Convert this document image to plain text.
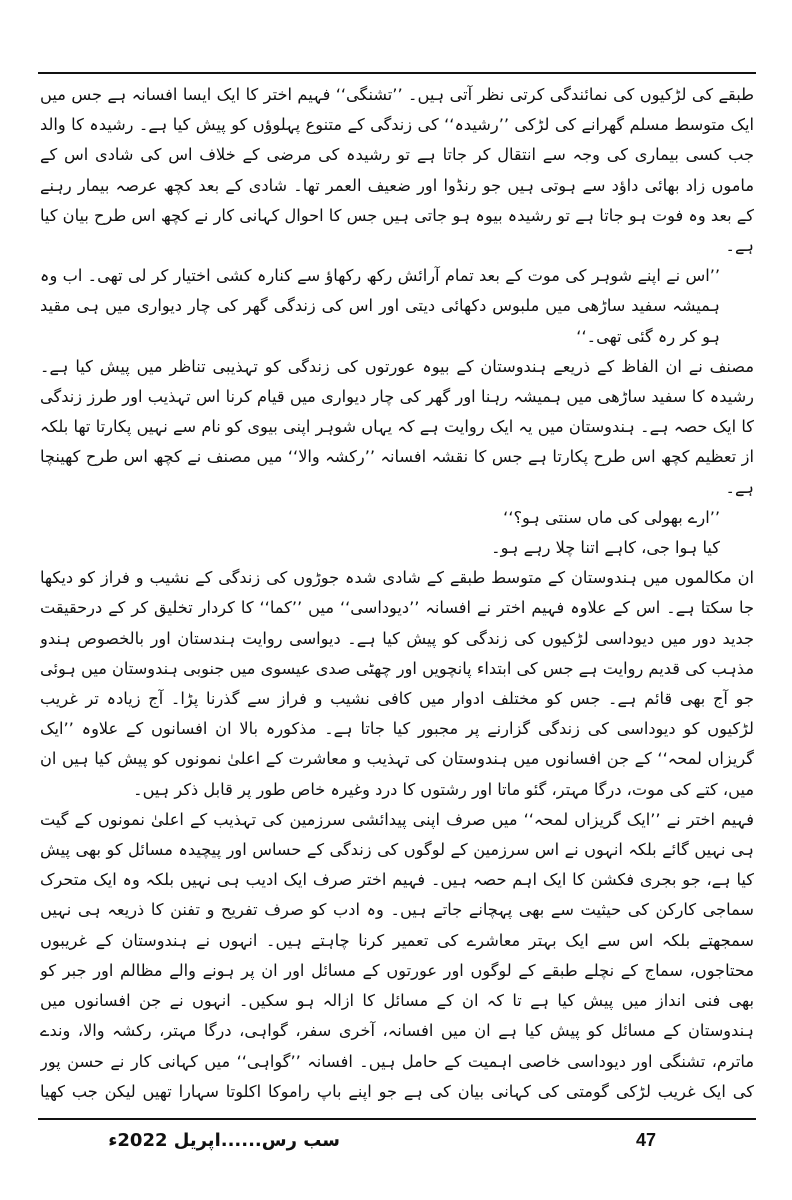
طبقے کی لڑکیوں کی نمائندگی کرتی نظر آتی ہیں۔ ’’تشنگی‘‘ فہیم اختر کا ایک ایسا افسانہ ہے جس میں ایک متوسط مسلم گھرانے کی لڑکی ’’رشیدہ‘‘ کی زندگی کے متنوع پہلوؤں کو پیش کیا ہے۔ رشیدہ کا والد جب کسی بیماری کی وجہ سے انتقال کر جاتا ہے تو رشیدہ کی مرضی کے خلاف اس کی شادی اس کے ماموں زاد بھائی داؤد سے ہوتی ہیں جو رنڈوا اور ضعیف العمر تھا۔ شادی کے بعد کچھ عرصہ بیمار رہنے کے بعد وہ فوت ہو جاتا ہے تو رشیدہ بیوہ ہو جاتی ہیں جس کا احوال کہانی کار نے کچھ اس طرح بیان کیا ہے۔

’’اس نے اپنے شوہر کی موت کے بعد تمام آرائش رکھ رکھاؤ سے کنارہ کشی اختیار کر لی تھی۔ اب وہ ہمیشہ سفید ساڑھی میں ملبوس دکھائی دیتی اور اس کی زندگی گھر کی چار دیواری میں ہی مقید ہو کر رہ گئی تھی۔‘‘

مصنف نے ان الفاظ کے ذریعے ہندوستان کے بیوہ عورتوں کی زندگی کو تہذیبی تناظر میں پیش کیا ہے۔ رشیدہ کا سفید ساڑھی میں ہمیشہ رہنا اور گھر کی چار دیواری میں قیام کرنا اس تہذیب اور طرز زندگی کا ایک حصہ ہے۔ ہندوستان میں یہ ایک روایت ہے کہ یہاں شوہر اپنی بیوی کو نام سے نہیں پکارتا تھا بلکہ از تعظیم کچھ اس طرح پکارتا ہے جس کا نقشہ افسانہ ’’رکشہ والا‘‘ میں مصنف نے کچھ اس طرح کھینچا ہے۔

’’ارے بھولی کی ماں سنتی ہو؟‘‘

کیا ہوا جی، کاہے اتنا چلا رہے ہو۔

ان مکالموں میں ہندوستان کے متوسط طبقے کے شادی شدہ جوڑوں کی زندگی کے نشیب و فراز کو دیکھا جا سکتا ہے۔ اس کے علاوہ فہیم اختر نے افسانہ ’’دیوداسی‘‘ میں ’’کما‘‘ کا کردار تخلیق کر کے درحقیقت جدید دور میں دیوداسی لڑکیوں کی زندگی کو پیش کیا ہے۔ دیواسی روایت ہندستان اور بالخصوص ہندو مذہب کی قدیم روایت ہے جس کی ابتداء پانچویں اور چھٹی صدی عیسوی میں جنوبی ہندوستان میں ہوئی جو آج بھی قائم ہے۔ جس کو مختلف ادوار میں کافی نشیب و فراز سے گذرنا پڑا۔ آج زیادہ تر غریب لڑکیوں کو دیوداسی کی زندگی گزارنے پر مجبور کیا جاتا ہے۔ مذکورہ بالا ان افسانوں کے علاوہ ’’ایک گریزاں لمحہ‘‘ کے جن افسانوں میں ہندوستان کی تہذیب و معاشرت کے اعلیٰ نمونوں کو پیش کیا ہیں ان میں، کتے کی موت، درگا مہتر، گئو ماتا اور رشتوں کا درد وغیرہ خاص طور پر قابل ذکر ہیں۔

فہیم اختر نے ’’ایک گریزاں لمحہ‘‘ میں صرف اپنی پیدائشی سرزمین کی تہذیب کے اعلیٰ نمونوں کے گیت ہی نہیں گائے بلکہ انہوں نے اس سرزمین کے لوگوں کی زندگی کے حساس اور پیچیدہ مسائل کو بھی پیش کیا ہے، جو بجری فکشن کا ایک اہم حصہ ہیں۔ فہیم اختر صرف ایک ادیب ہی نہیں بلکہ وہ ایک متحرک سماجی کارکن کی حیثیت سے بھی پہچانے جاتے ہیں۔ وہ ادب کو صرف تفریح و تفنن کا ذریعہ ہی نہیں سمجھتے بلکہ اس سے ایک بہتر معاشرے کی تعمیر کرنا چاہتے ہیں۔ انہوں نے ہندوستان کے غریبوں محتاجوں، سماج کے نچلے طبقے کے لوگوں اور عورتوں کے مسائل اور ان پر ہونے والے مظالم اور جبر کو بھی فنی انداز میں پیش کیا ہے تا کہ ان کے مسائل کا ازالہ ہو سکیں۔ انہوں نے جن افسانوں میں ہندوستان کے مسائل کو پیش کیا ہے ان میں افسانہ، آخری سفر، گواہی، درگا مہتر، رکشہ والا، وندے ماترم، تشنگی اور دیوداسی خاصی اہمیت کے حامل ہیں۔ افسانہ ’’گواہی‘‘ میں کہانی کار نے حسن پور کی ایک غریب لڑکی گومتی کی کہانی بیان کی ہے جو اپنے باپ راموکا اکلوتا سہارا تھیں لیکن جب کھیا

سب رس......اپریل 2022ء	47
